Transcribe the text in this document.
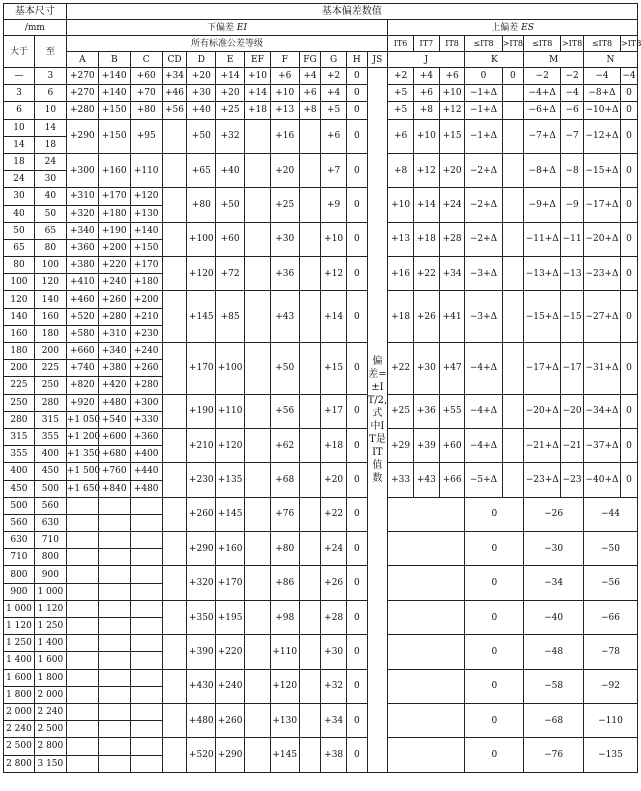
基本尺寸		基本偏差数值																				
/mm		下偏差 EI												上偏差 ES								
大于	至	所有标准公差等级												IT6	IT7	IT8	≤IT8	>IT8	≤IT8	>IT8	≤IT8	>IT8
		A	B	C	CD	D	E	EF	F	FG	G	H	JS	J			K		M		N	
—	3	+270	+140	+60	+34	+20	+14	+10	+6	+4	+2	0	偏差=±IT/2,式中IT是IT值数	+2	+4	+6	0	0	−2	−2	−4	−4
3	6	+270	+140	+70	+46	+30	+20	+14	+10	+6	+4	0		+5	+6	+10	−1+Δ		−4+Δ	−4	−8+Δ	0
6	10	+280	+150	+80	+56	+40	+25	+18	+13	+8	+5	0		+5	+8	+12	−1+Δ		−6+Δ	−6	−10+Δ	0
10	14	+290	+150	+95		+50	+32		+16		+6	0		+6	+10	+15	−1+Δ		−7+Δ	−7	−12+Δ	0
14	18																					
18	24	+300	+160	+110		+65	+40		+20		+7	0		+8	+12	+20	−2+Δ		−8+Δ	−8	−15+Δ	0
24	30																					
30	40	+310	+170	+120		+80	+50		+25		+9	0		+10	+14	+24	−2+Δ		−9+Δ	−9	−17+Δ	0
40	50	+320	+180	+130																		
50	65	+340	+190	+140		+100	+60		+30		+10	0		+13	+18	+28	−2+Δ		−11+Δ	−11	−20+Δ	0
65	80	+360	+200	+150																		
80	100	+380	+220	+170		+120	+72		+36		+12	0		+16	+22	+34	−3+Δ		−13+Δ	−13	−23+Δ	0
100	120	+410	+240	+180																		
120	140	+460	+260	+200		+145	+85		+43		+14	0		+18	+26	+41	−3+Δ		−15+Δ	−15	−27+Δ	0
140	160	+520	+280	+210																		
160	180	+580	+310	+230																		
180	200	+660	+340	+240		+170	+100		+50		+15	0		+22	+30	+47	−4+Δ		−17+Δ	−17	−31+Δ	0
200	225	+740	+380	+260																		
225	250	+820	+420	+280																		
250	280	+920	+480	+300		+190	+110		+56		+17	0		+25	+36	+55	−4+Δ		−20+Δ	−20	−34+Δ	0
280	315	+1 050	+540	+330																		
315	355	+1 200	+600	+360		+210	+120		+62		+18	0		+29	+39	+60	−4+Δ		−21+Δ	−21	−37+Δ	0
355	400	+1 350	+680	+400																		
400	450	+1 500	+760	+440		+230	+135		+68		+20	0		+33	+43	+66	−5+Δ		−23+Δ	−23	−40+Δ	0
450	500	+1 650	+840	+480																		
500	560					+260	+145		+76		+22	0					0		−26		−44	
560	630																					
630	710					+290	+160		+80		+24	0					0		−30		−50	
710	800																					
800	900					+320	+170		+86		+26	0					0		−34		−56	
900	1 000																					
1 000	1 120					+350	+195		+98		+28	0					0		−40		−66	
1 120	1 250																					
1 250	1 400					+390	+220		+110		+30	0					0		−48		−78	
1 400	1 600																					
1 600	1 800					+430	+240		+120		+32	0					0		−58		−92	
1 800	2 000																					
2 000	2 240					+480	+260		+130		+34	0					0		−68		−110	
2 240	2 500																					
2 500	2 800					+520	+290		+145		+38	0					0		−76		−135	
2 800	3 150																					
